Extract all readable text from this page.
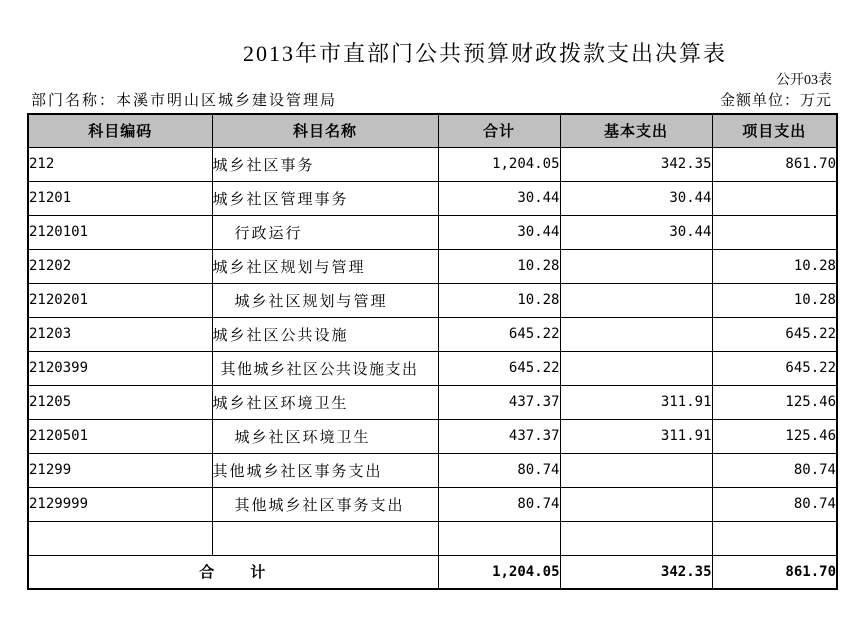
2013年市直部门公共预算财政拨款支出决算表
公开03表
部门名称：本溪市明山区城乡建设管理局	金额单位：万元
科目编码	科目名称	合计	基本支出	项目支出
212	城乡社区事务	1,204.05	342.35	861.70
21201	城乡社区管理事务	30.44	30.44	
2120101	行政运行	30.44	30.44	
21202	城乡社区规划与管理	10.28		10.28
2120201	城乡社区规划与管理	10.28		10.28
21203	城乡社区公共设施	645.22		645.22
2120399	其他城乡社区公共设施支出	645.22		645.22
21205	城乡社区环境卫生	437.37	311.91	125.46
2120501	城乡社区环境卫生	437.37	311.91	125.46
21299	其他城乡社区事务支出	80.74		80.74
2129999	其他城乡社区事务支出	80.74		80.74

合　　计		1,204.05	342.35	861.70
